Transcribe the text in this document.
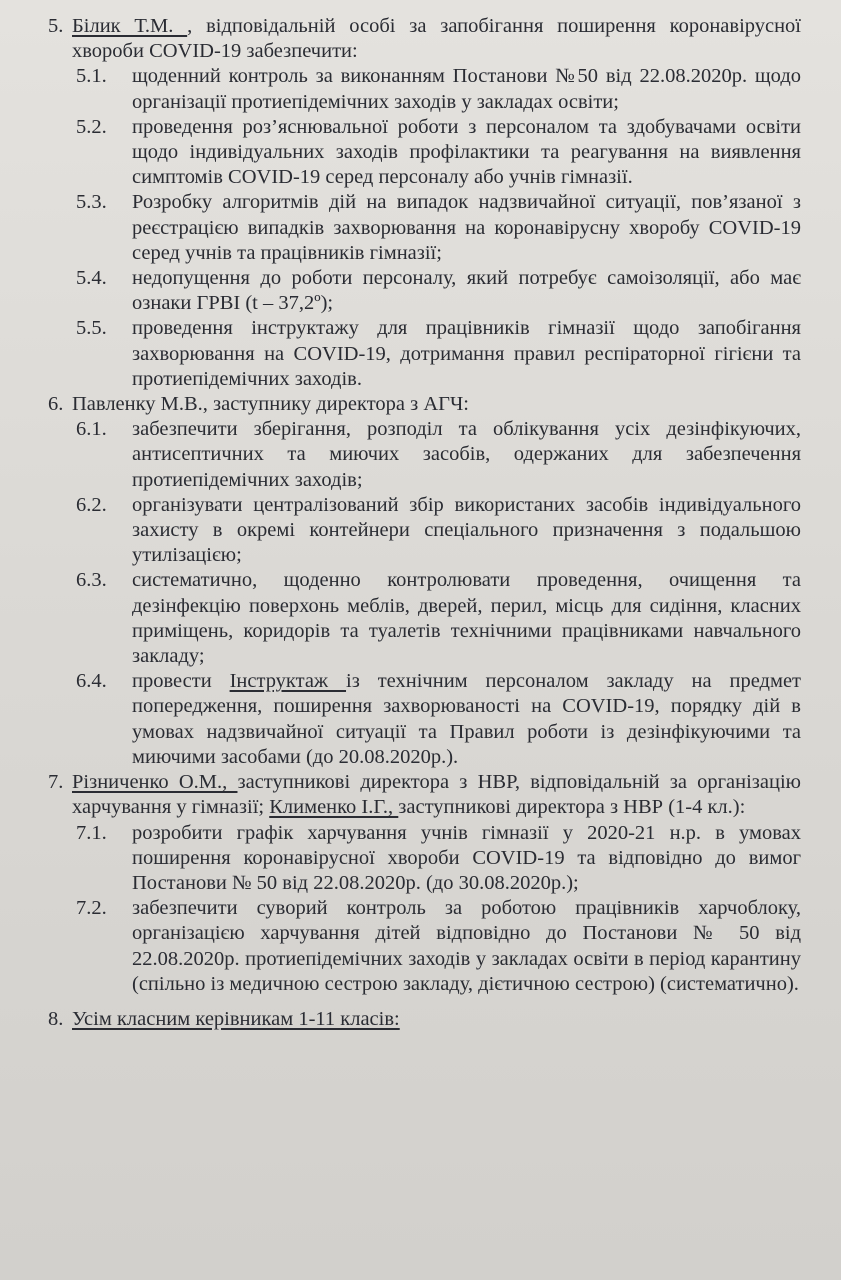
5. Білик Т.М. , відповідальній особі за запобігання поширення коронавірусної хвороби COVID-19 забезпечити:
5.1. щоденний контроль за виконанням Постанови №50 від 22.08.2020р. щодо організації протиепідемічних заходів у закладах освіти;
5.2. проведення роз’яснювальної роботи з персоналом та здобувачами освіти щодо індивідуальних заходів профілактики та реагування на виявлення симптомів COVID-19 серед персоналу або учнів гімназії.
5.3. Розробку алгоритмів дій на випадок надзвичайної ситуації, пов’язаної з реєстрацією випадків захворювання на коронавірусну хворобу COVID-19 серед учнів та працівників гімназії;
5.4. недопущення до роботи персоналу, який потребує самоізоляції, або має ознаки ГРВІ (t – 37,2º);
5.5. проведення інструктажу для працівників гімназії щодо запобігання захворювання на COVID-19, дотримання правил респіраторної гігієни та протиепідемічних заходів.
6. Павленку М.В., заступнику директора з АГЧ:
6.1. забезпечити зберігання, розподіл та облікування усіх дезінфікуючих, антисептичних та миючих засобів, одержаних для забезпечення протиепідемічних заходів;
6.2. організувати централізований збір використаних засобів індивідуального захисту в окремі контейнери спеціального призначення з подальшою утилізацією;
6.3. систематично, щоденно контролювати проведення, очищення та дезінфекцію поверхонь меблів, дверей, перил, місць для сидіння, класних приміщень, коридорів та туалетів технічними працівниками навчального закладу;
6.4. провести Інструктаж із технічним персоналом закладу на предмет попередження, поширення захворюваності на COVID-19, порядку дій в умовах надзвичайної ситуації та Правил роботи із дезінфікуючими та миючими засобами (до 20.08.2020р.).
7. Різниченко О.М., заступникові директора з НВР, відповідальній за організацію харчування у гімназії; Клименко І.Г., заступникові директора з НВР (1-4 кл.):
7.1. розробити графік харчування учнів гімназії у 2020-21 н.р. в умовах поширення коронавірусної хвороби COVID-19 та відповідно до вимог Постанови № 50 від 22.08.2020р. (до 30.08.2020р.);
7.2. забезпечити суворий контроль за роботою працівників харчоблоку, організацією харчування дітей відповідно до Постанови № 50 від 22.08.2020р. протиепідемічних заходів у закладах освіти в період карантину (спільно із медичною сестрою закладу, дієтичною сестрою) (систематично).
8. Усім класним керівникам 1-11 класів:
